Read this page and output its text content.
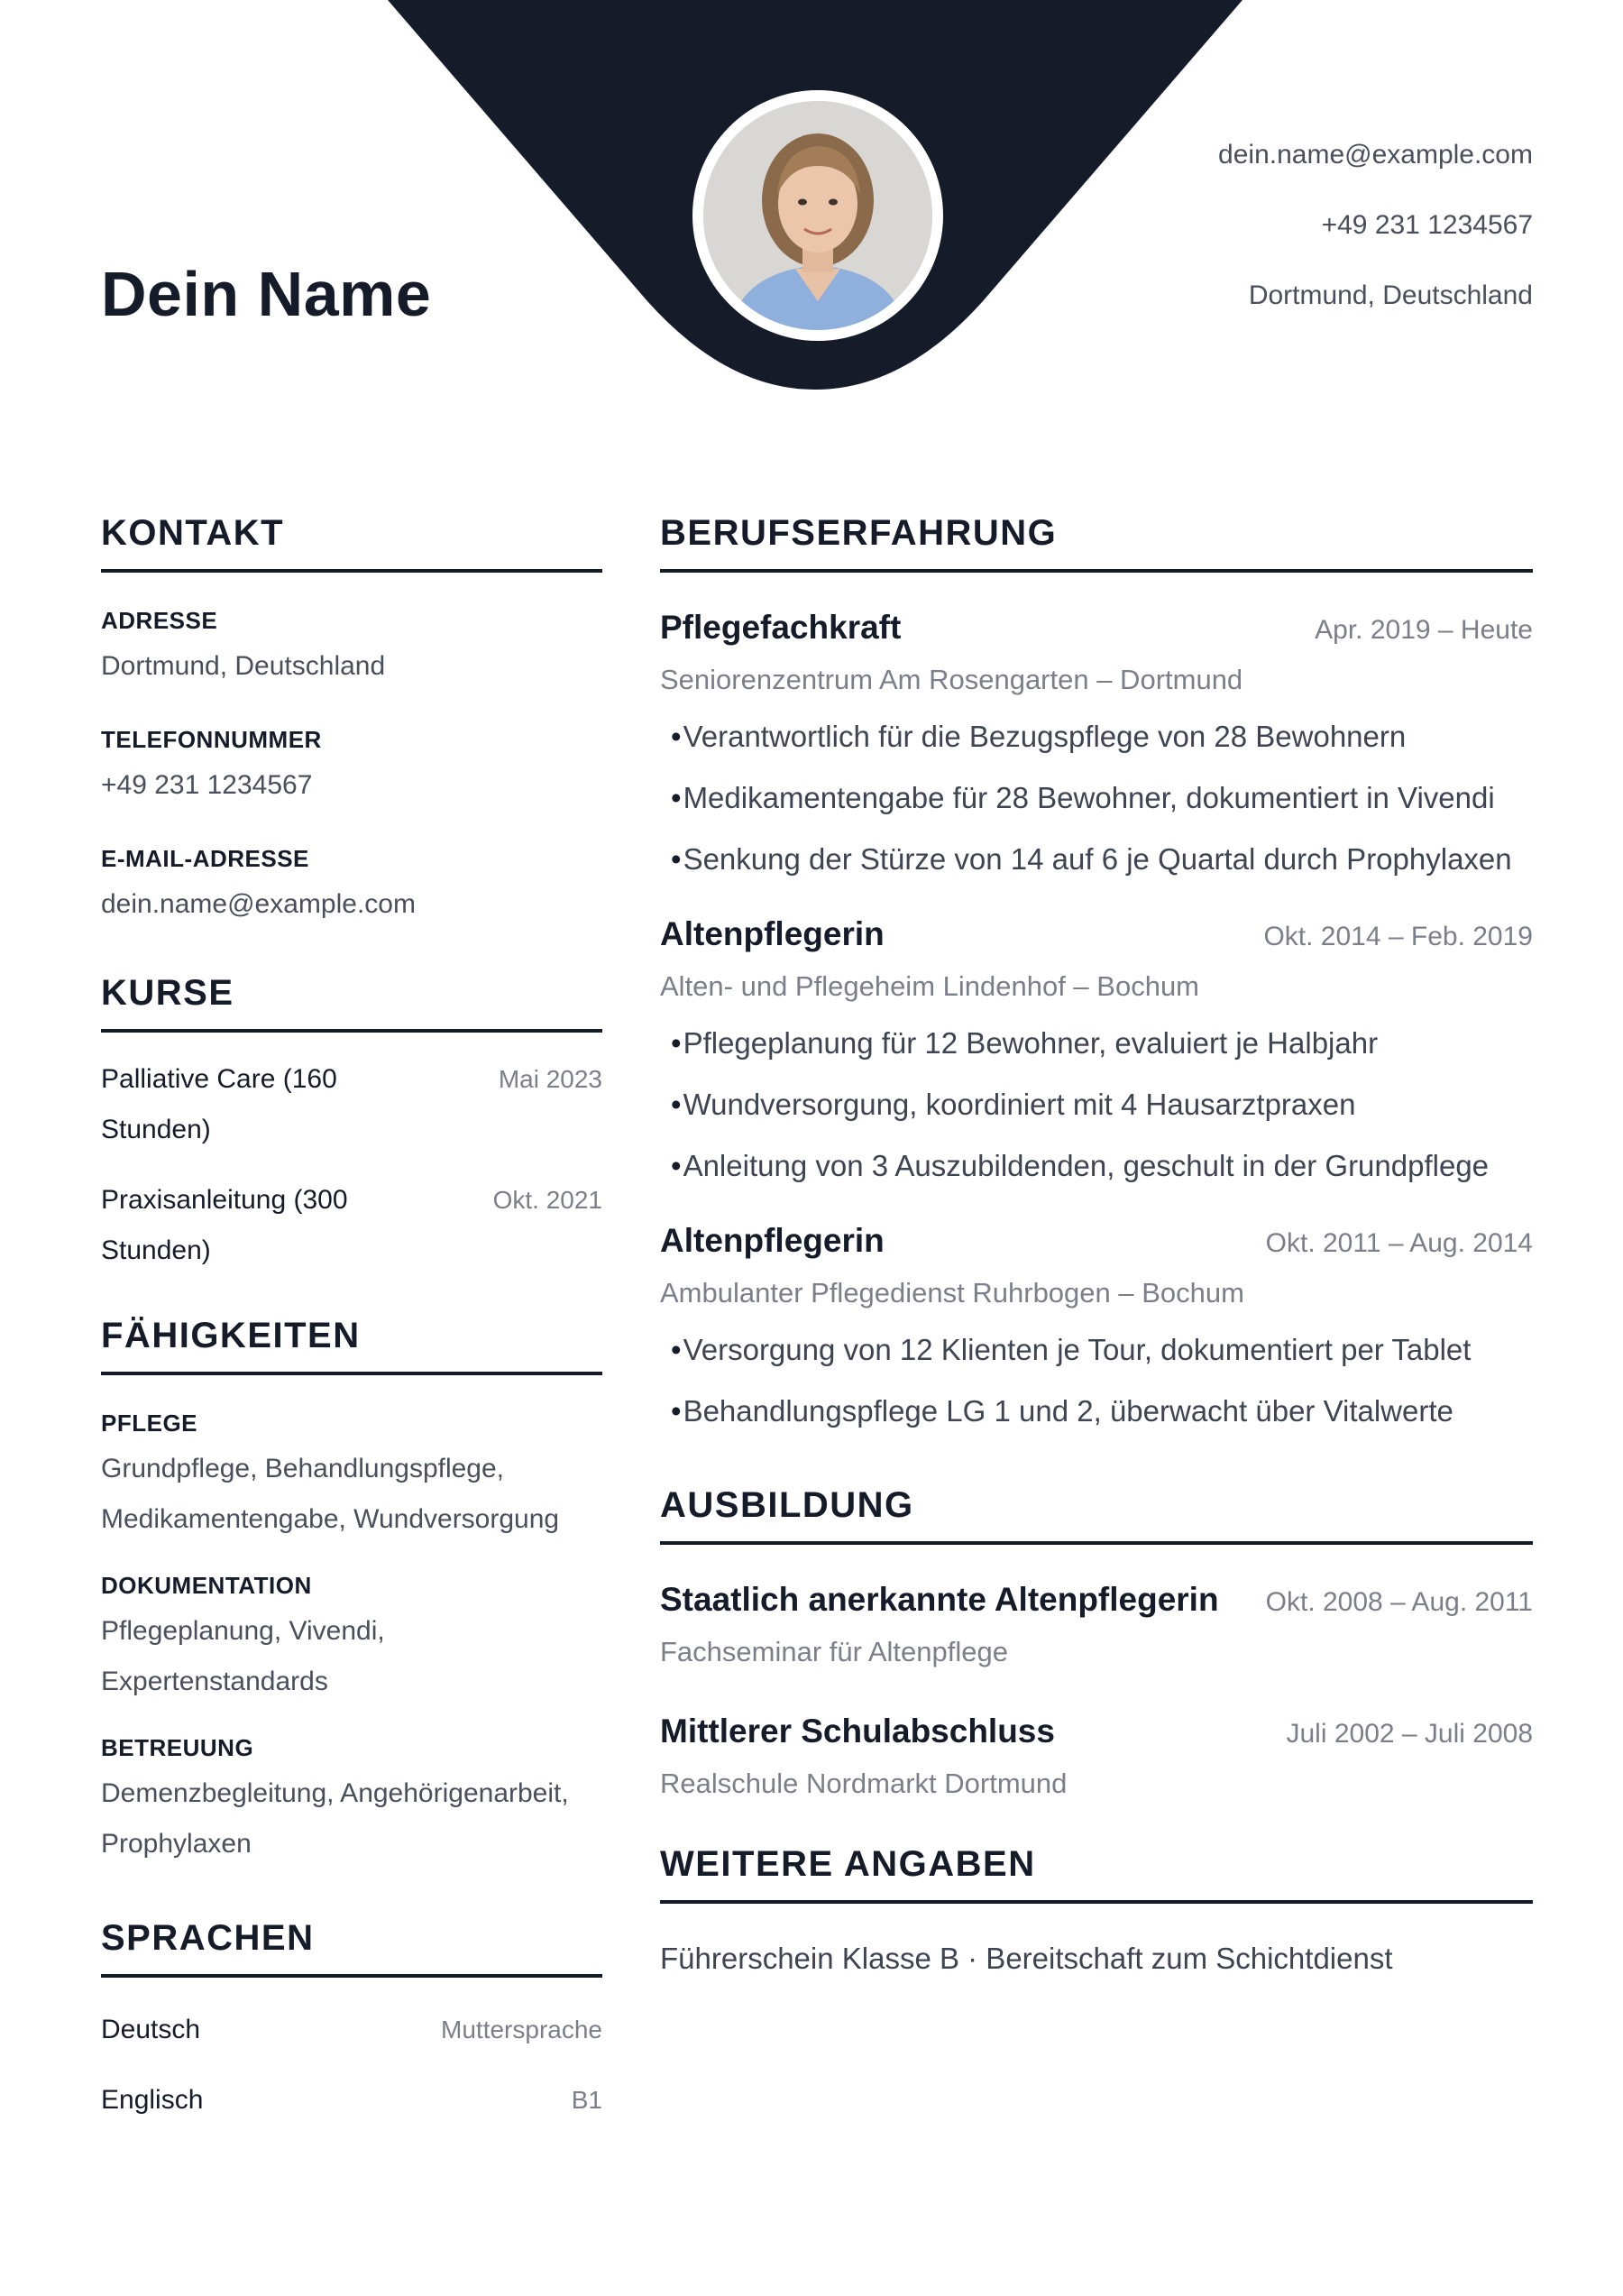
Dein Name
dein.name@example.com
+49 231 1234567
Dortmund, Deutschland
KONTAKT
ADRESSE
Dortmund, Deutschland
TELEFONNUMMER
+49 231 1234567
E-MAIL-ADRESSE
dein.name@example.com
KURSE
Palliative Care (160 Stunden)
Mai 2023
Praxisanleitung (300 Stunden)
Okt. 2021
FÄHIGKEITEN
PFLEGE
Grundpflege, Behandlungspflege, Medikamentengabe, Wundversorgung
DOKUMENTATION
Pflegeplanung, Vivendi, Expertenstandards
BETREUUNG
Demenzbegleitung, Angehörigenarbeit, Prophylaxen
SPRACHEN
Deutsch	Muttersprache
Englisch	B1
BERUFSERFAHRUNG
Pflegefachkraft	Apr. 2019 – Heute
Seniorenzentrum Am Rosengarten – Dortmund
•Verantwortlich für die Bezugspflege von 28 Bewohnern
•Medikamentengabe für 28 Bewohner, dokumentiert in Vivendi
•Senkung der Stürze von 14 auf 6 je Quartal durch Prophylaxen
Altenpflegerin	Okt. 2014 – Feb. 2019
Alten- und Pflegeheim Lindenhof – Bochum
•Pflegeplanung für 12 Bewohner, evaluiert je Halbjahr
•Wundversorgung, koordiniert mit 4 Hausarztpraxen
•Anleitung von 3 Auszubildenden, geschult in der Grundpflege
Altenpflegerin	Okt. 2011 – Aug. 2014
Ambulanter Pflegedienst Ruhrbogen – Bochum
•Versorgung von 12 Klienten je Tour, dokumentiert per Tablet
•Behandlungspflege LG 1 und 2, überwacht über Vitalwerte
AUSBILDUNG
Staatlich anerkannte Altenpflegerin Okt. 2008 – Aug. 2011
Fachseminar für Altenpflege
Mittlerer Schulabschluss	Juli 2002 – Juli 2008
Realschule Nordmarkt Dortmund
WEITERE ANGABEN
Führerschein Klasse B · Bereitschaft zum Schichtdienst
